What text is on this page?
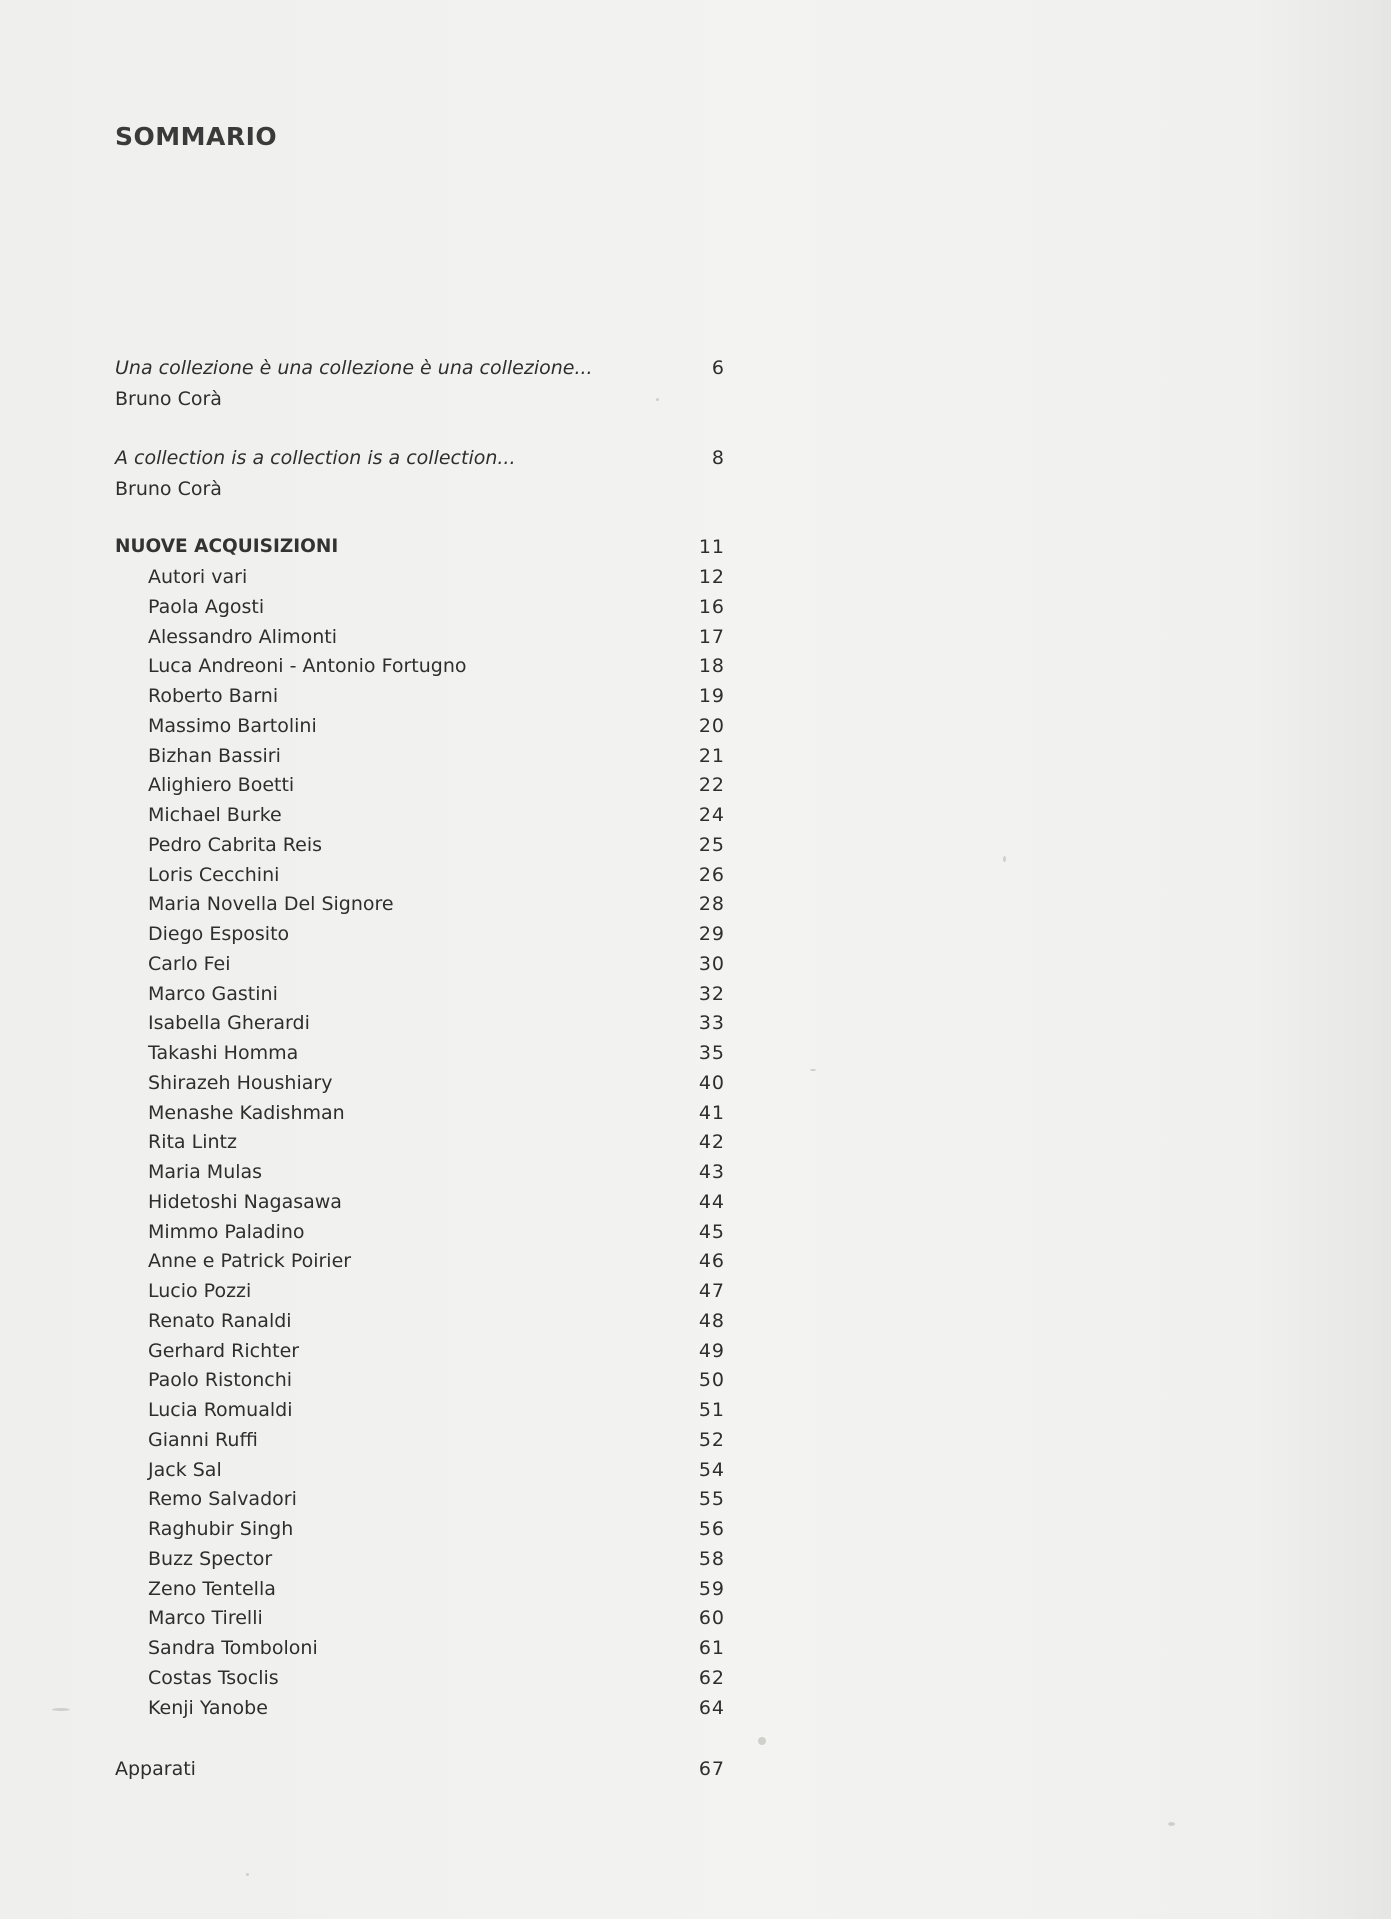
SOMMARIO
Una collezione è una collezione è una collezione...	6
Bruno Corà
A collection is a collection is a collection...	8
Bruno Corà
NUOVE ACQUISIZIONI	11
Autori vari	12
Paola Agosti	16
Alessandro Alimonti	17
Luca Andreoni - Antonio Fortugno	18
Roberto Barni	19
Massimo Bartolini	20
Bizhan Bassiri	21
Alighiero Boetti	22
Michael Burke	24
Pedro Cabrita Reis	25
Loris Cecchini	26
Maria Novella Del Signore	28
Diego Esposito	29
Carlo Fei	30
Marco Gastini	32
Isabella Gherardi	33
Takashi Homma	35
Shirazeh Houshiary	40
Menashe Kadishman	41
Rita Lintz	42
Maria Mulas	43
Hidetoshi Nagasawa	44
Mimmo Paladino	45
Anne e Patrick Poirier	46
Lucio Pozzi	47
Renato Ranaldi	48
Gerhard Richter	49
Paolo Ristonchi	50
Lucia Romualdi	51
Gianni Ruffi	52
Jack Sal	54
Remo Salvadori	55
Raghubir Singh	56
Buzz Spector	58
Zeno Tentella	59
Marco Tirelli	60
Sandra Tomboloni	61
Costas Tsoclis	62
Kenji Yanobe	64
Apparati	67
